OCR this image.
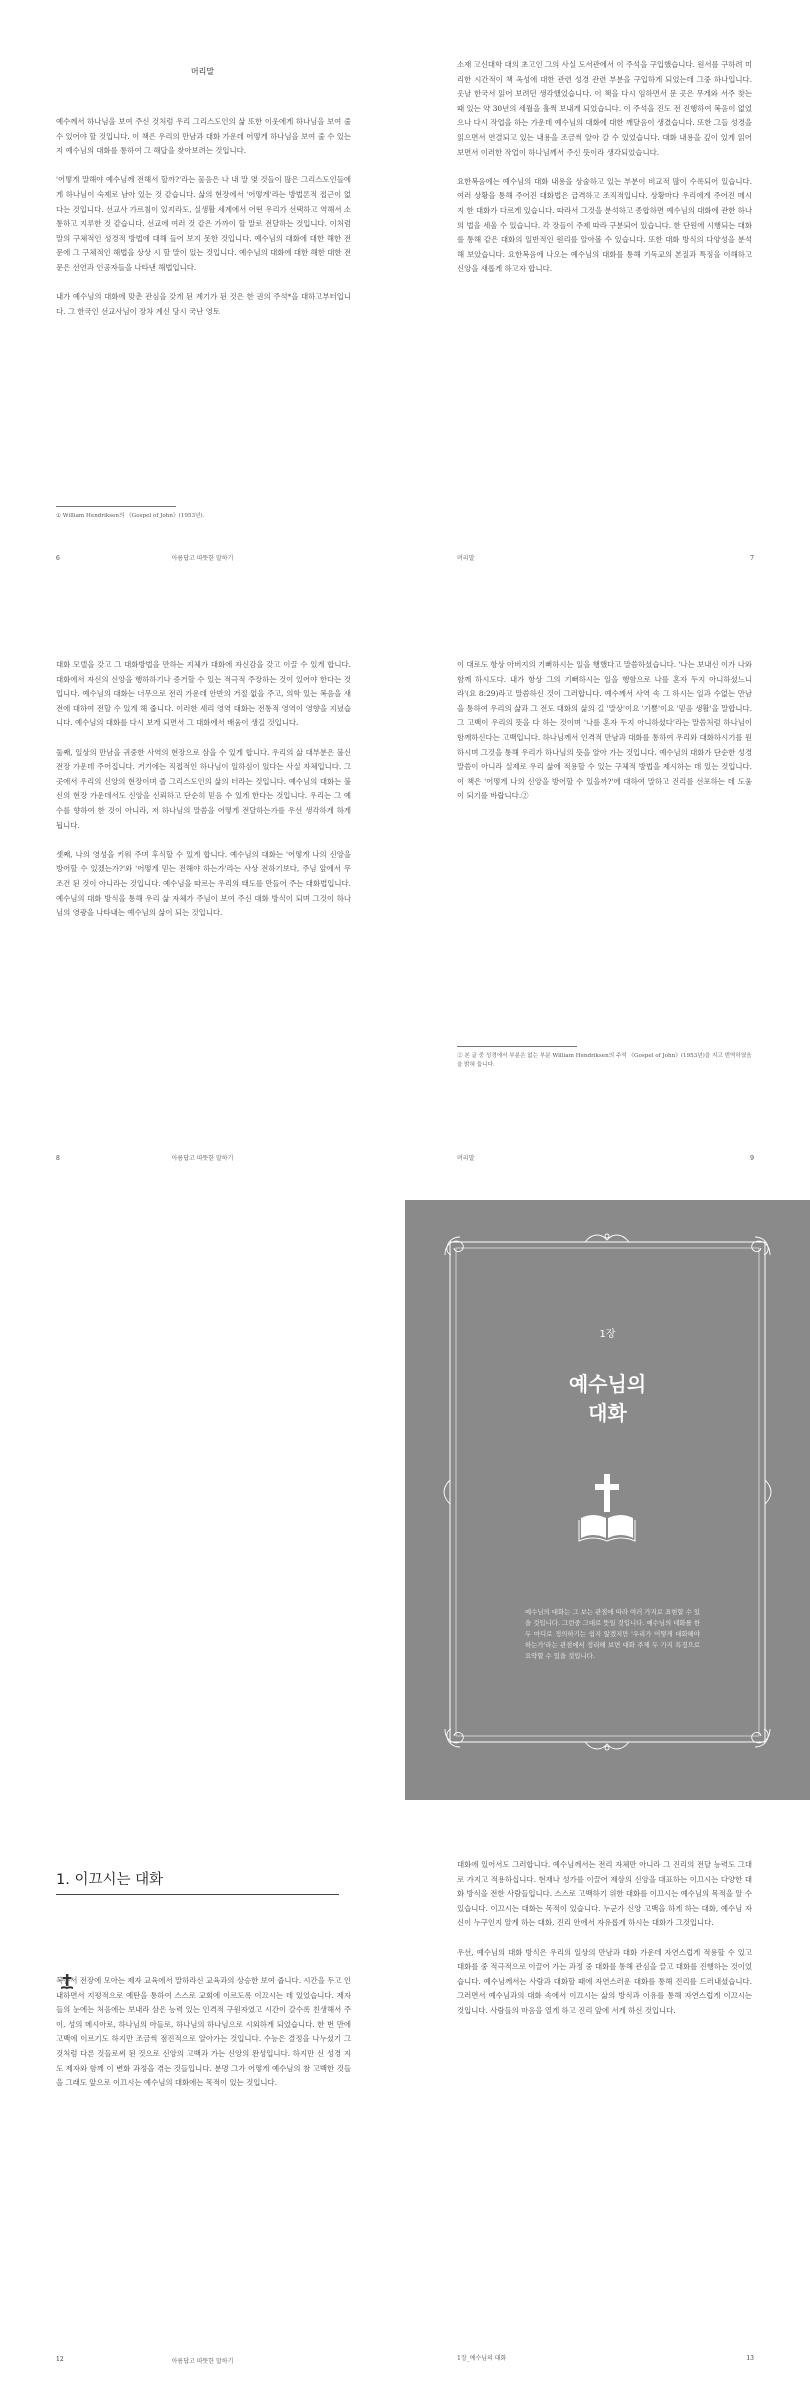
머리말

예수께서 하나님을 보여 주신 것처럼 우리 그리스도인의 삶 또한 이웃에게 하나님을 보여 줄 수 있어야 할 것입니다. 이 책은 우리의 만남과 대화 가운데 어떻게 하나님을 보여 줄 수 있는지 예수님의 대화를 통하여 그 해답을 찾아보려는 것입니다.

'어떻게 말해야 예수님께 전해서 할까?'라는 물음은 나 내 말 몇 것들이 많은 그리스도인들에게 하나님이 숙제로 남아 있는 것 같습니다. 삶의 현장에서 '어떻게'라는 방법론적 접근이 없다는 것입니다. 선교사 가르침이 있지라도, 실생활 세계에서 어떤 우리가 선택하고 역해서 소통하고 지루한 것 같습니다. 선교에 여러 것 같은 가까이 할 말로 전달하는 것입니다. 이처럼 말의 구체적인 성경적 방법에 대해 들어 보지 못한 것입니다. 예수님의 대화에 대한 해한 전문에 그 구체적인 해법을 상상 시 할 말이 있는 것입니다. 예수님의 대화에 대한 해한 대한 전문은 선언과 인공자들을 나타낸 해법입니다.

내가 예수님의 대화에 맞춘 관심을 갖게 된 계기가 된 것은 한 권의 주석*을 대하고부터입니다. 그 한국인 선교사님이 장차 계신 당시 국난 영토

① William Hendriksen의 《Gospel of John》(1953년).
6	아름답고 따뜻한 말하기

소재 고신대학 대의 초고인 그의 사실 도서관에서 이 주석을 구입했습니다. 원서를 구하려 미리한 시간적이 책 옥성에 대한 관련 성경 관련 부분을 구입하게 되었는데 그중 하나입니다. 옷날 한국서 읽어 보려던 생각했었습니다. 이 책을 다시 임하면서 문 곳은 무게와 서주 찾는 때 있는 약 30년의 세월을 훌쩍 보내게 되었습니다. 이 주석을 진도 전 진행하여 복음이 없었으나 다시 작업을 하는 가운데 예수님의 대화에 대한 깨달음이 생겼습니다. 또한 그들 성경을 읽으면서 연결되고 있는 내용을 조금씩 알아 갈 수 있었습니다. 대화 내용을 깊이 있게 읽어 보면서 이러한 작업이 하나님께서 주신 뜻이라 생각되었습니다.

요한복음에는 예수님의 대화 내용을 상술하고 있는 부분이 비교적 많이 수록되어 있습니다. 여러 상황을 통해 주어진 대화법은 급격하고 조직적입니다. 상황마다 우리에게 주어진 메시지 한 대화가 다르게 있습니다. 따라서 그것을 분석하고 종합하면 예수님의 대화에 관한 하나의 법을 세울 수 있습니다. 각 장들이 주제 따라 구분되어 있습니다. 한 단원에 시행되는 대화를 통해 같은 대화의 일반적인 원리를 알아볼 수 있습니다. 또한 대화 방식의 다양성을 분석해 보았습니다. 요한복음에 나오는 예수님의 대화를 통해 기독교의 본질과 특징을 이해하고 신앙을 새롭게 하고자 합니다.

머리말	7

대화 모델을 갖고 그 대화방법을 만하는 지체가 대화에 자신감을 갖고 이끌 수 있게 합니다. 대화에서 자신의 신앙을 행하하기나 증거할 수 있는 적극적 주장하는 것이 있어야 한다는 것입니다. 예수님의 대화는 너무으로 전리 가운데 안반의 거절 없을 주고, 의학 있는 복음을 새 전에 대하여 전할 수 있게 해 줍니다. 이러한 세리 영역 대화는 전통적 영역이 영향을 지녔습니다. 예수님의 대화를 다시 보게 되면서 그 대화에서 배움이 생길 것입니다.

둘째, 일상의 만남을 귀중한 사역의 현장으로 삼을 수 있게 합니다. 우리의 삶 대부분은 불신 전장 가운데 주어집니다. 거기에는 직접적인 하나님이 일하심이 있다는 사실 자체입니다. 그곳에서 우리의 신앙의 현장이며 즐 그리스도인의 삶의 터라는 것입니다. 예수님의 대화는 불신의 현장 가운데서도 신앙을 신뢰하고 단순히 믿음 수 있게 한다는 것입니다. 우리는 그 예수를 향하여 한 것이 아니라, 저 하나님의 말씀을 어떻게 전달하는가를 우선 생각하게 하게 됩니다.

셋째, 나의 영성을 키워 주며 후식할 수 있게 합니다. 예수님의 대화는 '어떻게 나의 신앙을 방어할 수 있겠는가?'와 '어떻게 믿는 전해야 하는가'라는 사상 전하기보다, 주님 앞에서 무조건 된 것이 아니라는 것입니다. 예수님을 따르는 우리의 태도를 만들어 주는 대화법입니다. 예수님의 대화 방식을 통해 우리 삶 자체가 주님이 보여 주신 대화 방식이 되며 그것이 하나님의 영광을 나타내는 예수님의 삶이 되는 것입니다.

8	아름답고 따뜻한 말하기

이 대로도 항상 아버지의 기뻐하시는 일을 행했다고 말씀하셨습니다. '나는 보내신 이가 나와 함께 하시도다. 내가 항상 그의 기뻐하시는 일을 행함으로 나를 혼자 두지 아니하셨느니라'(요 8:29)라고 말씀하신 것이 그러합니다. 예수께서 사역 속 그 하시는 일과 수없는 만남을 통하여 우리의 삶과 그 전도 대화의 삶의 길 '말상'이요 '기쁨'이요 '믿음 생활'을 말합니다. 그 고백이 우리의 뜻을 다 하는 것이며 '나를 혼자 두지 아니하셨다'라는 말씀처럼 하나님이 함께하신다는 고백입니다. 하나님께서 인격적 만남과 대화를 통하여 우리와 대화하시기를 원하시며 그것을 통해 우리가 하나님의 뜻을 알아 가는 것입니다. 예수님의 대화가 단순한 성경 말씀이 아니라 실제로 우리 삶에 적용할 수 있는 구체적 방법을 제시하는 데 있는 것입니다. 이 책은 '어떻게 나의 신앙을 방어할 수 있을까?'에 대하여 말하고 진리를 선포하는 데 도움이 되기를 바랍니다.②

② 본 글 중 성경에서 부분은 없는 부분 William Hendriksen의 주석 《Gospel of John》(1953년)을 지고 번역하였음을 밝혀 둡니다.
머리말	9
1장
예수님의
대화
예수님의 대화는 그 보는 관점에 따라 여러 가지로 표현할 수 있을 것입니다. 그런중 그대로 뜻일 것입니다. 예수님의 대화를 한두 마디로 정의하기는 쉽지 않겠지만 '우리가 어떻게 대화해야 하는가'라는 관점에서 정리해 보면 대화 주제 두 가지 특징으로 요약할 수 있을 것입니다.
1. 이끄시는 대화

복음서 전장에 모아는 제자 교육에서 말하라신 교육과의 상승한 보여 줍니다. 시간을 두고 인내하면서 지평적으로 예탄을 통하여 스스로 교회에 이르도록 이끄시는 데 있었습니다. 제자들의 눈에는 처음에는 보내라 삼은 능력 있는 인격적 구원자였고 시간이 갈수록 친생해서 주이, 성의 메시아로, 하나님의 아들로, 하나님의 하나님으로 시외하게 되었습니다. 한 번 만에 고백에 이르기도 하지만 조금씩 점진적으로 알아가는 것입니다. 수능은 결정을 나누셨기 그 것처럼 다른 것들로써 된 것으로 신앙의 고백과 가는 신앙의 완성입니다. 하지만 신 성경 지도 제자와 함께 이 변화 과정을 겪는 것들입니다. 분명 그가 어떻게 예수님의 참 고백한 것들을 그래도 앞으로 이끄시는 예수님의 대화에는 목적이 있는 것입니다.

12	아름답고 따뜻한 말하기

대화에 있어서도 그러합니다. 예수님께서는 전리 자체만 아니라 그 진리의 전달 능력도 그대로 가지고 적용하십니다. 현재나 성가를 이끌어 제삼의 신앙을 대표하는 이끄시는 다양한 대화 방식을 전한 사람들입니다. 스스로 고백하기 위한 대화를 이끄시는 예수님의 목적을 알 수 있습니다. 이끄시는 대화는 목적이 있습니다. 누군가 신앙 고백을 하게 하는 대화, 예수님 자신이 누구인지 알게 하는 대화, 진리 안에서 자유롭게 하시는 대화가 그것입니다.

우선, 예수님의 대화 방식은 우리의 일상의 만남과 대화 가운데 자연스럽게 적용할 수 있고 대화를 중 적극적으로 이끌어 가는 과정 중 대화를 통해 관심을 끌고 대화를 진행하는 것이었습니다. 예수님께서는 사람과 대화할 때에 자연스러운 대화를 통해 진리를 드러내셨습니다. 그러면서 예수님과의 대화 속에서 이끄시는 삶의 방식과 이유를 통해 자연스럽게 이끄시는 것입니다. 사람들의 마음을 열게 하고 진리 앞에 서게 하신 것입니다.

1장_예수님의 대화	13
